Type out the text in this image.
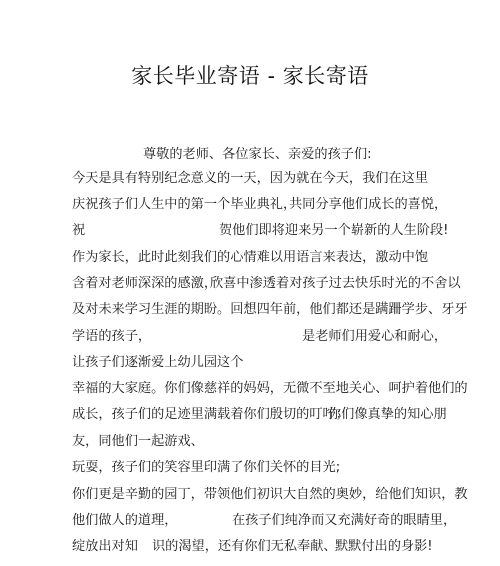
家长毕业寄语 - 家长寄语
尊敬的老师、各位家长、亲爱的孩子们:
今天是具有特别纪念意义的一天，因为就在今天，我们在这里
庆祝孩子们人生中的第一个毕业典礼，
共同分享他们成长的喜悦，
祝	贺他们即将迎来另一个崭新的人生阶段!
作为家长，此时此刻我们的心情难以用语言来表达，激动中饱
含着对老师深深的感激，
欣喜中渗透着对孩子过去快乐时光的不舍以
及对未来学习生涯的期盼。回想四年前，他们都还是蹒跚学步、牙牙
学语的孩子，	是老师们用爱心和耐心，
让孩子们逐渐爱上幼儿园这个
幸福的大家庭。你们像慈祥的妈妈，无微不至地关心、呵护着他们的
成长，孩子们的足迹里满载着你们殷切的叮咛；
你们像真挚的知心朋
友，同他们一起游戏、
玩耍，孩子们的笑容里印满了你们关怀的目光;
你们更是辛勤的园丁，带领他们初识大自然的奥妙，给他们知识，教
他们做人的道理，	在孩子们纯净而又充满好奇的眼睛里，
绽放出对知 识的渴望，还有你们无私奉献、
默默付出的身影!
